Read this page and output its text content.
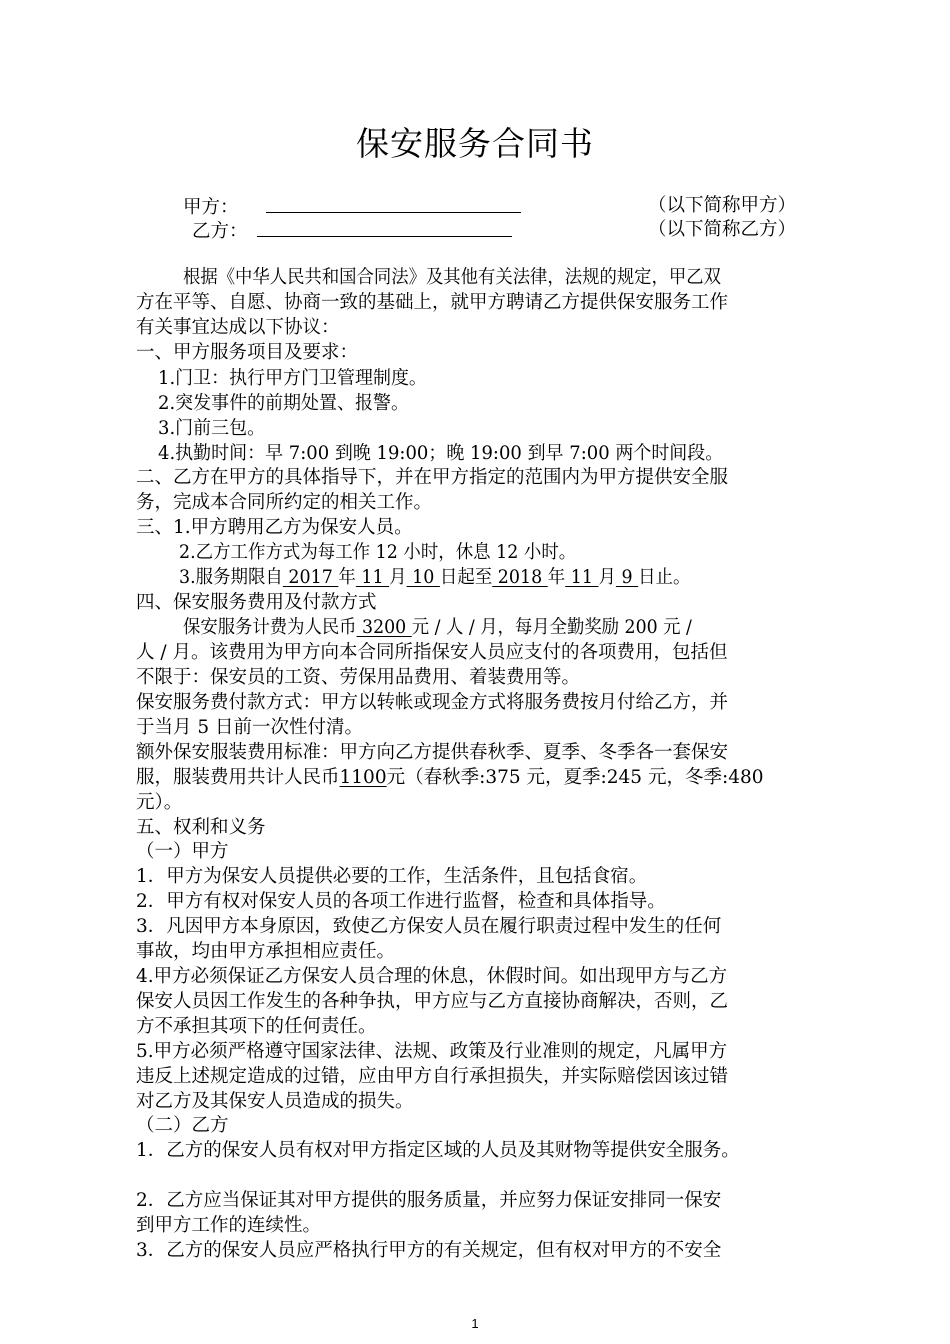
保安服务合同书
甲方：	（以下简称甲方）
乙方：	（以下简称乙方）
根据《中华人民共和国合同法》及其他有关法律，法规的规定，甲乙双
方在平等、自愿、协商一致的基础上，就甲方聘请乙方提供保安服务工作
有关事宜达成以下协议：
一、甲方服务项目及要求：
1.门卫：执行甲方门卫管理制度。
2.突发事件的前期处置、报警。
3.门前三包。
4.执勤时间：早 7:00 到晚 19:00；晚 19:00 到早 7:00 两个时间段。
二、乙方在甲方的具体指导下，并在甲方指定的范围内为甲方提供安全服
务，完成本合同所约定的相关工作。
三、1.甲方聘用乙方为保安人员。
2.乙方工作方式为每工作 12 小时，休息 12 小时。
3.服务期限自 2017 年 11 月 10 日起至 2018 年 11 月 9 日止。
四、保安服务费用及付款方式
保安服务计费为人民币 3200 元 / 人 / 月，每月全勤奖励 200 元 /
人 / 月。该费用为甲方向本合同所指保安人员应支付的各项费用，包括但
不限于：保安员的工资、劳保用品费用、着装费用等。
保安服务费付款方式：甲方以转帐或现金方式将服务费按月付给乙方，并
于当月 5 日前一次性付清。
额外保安服装费用标准：甲方向乙方提供春秋季、夏季、冬季各一套保安
服，服装费用共计人民币1100元（春秋季:375 元，夏季:245 元，冬季:480
元）。
五、权利和义务
（一）甲方
1．甲方为保安人员提供必要的工作，生活条件，且包括食宿。
2．甲方有权对保安人员的各项工作进行监督，检查和具体指导。
3．凡因甲方本身原因，致使乙方保安人员在履行职责过程中发生的任何
事故，均由甲方承担相应责任。
4.甲方必须保证乙方保安人员合理的休息，休假时间。如出现甲方与乙方
保安人员因工作发生的各种争执，甲方应与乙方直接协商解决，否则，乙
方不承担其项下的任何责任。
5.甲方必须严格遵守国家法律、法规、政策及行业准则的规定，凡属甲方
违反上述规定造成的过错，应由甲方自行承担损失，并实际赔偿因该过错
对乙方及其保安人员造成的损失。
（二）乙方
1．乙方的保安人员有权对甲方指定区域的人员及其财物等提供安全服务。
2．乙方应当保证其对甲方提供的服务质量，并应努力保证安排同一保安
到甲方工作的连续性。
3．乙方的保安人员应严格执行甲方的有关规定，但有权对甲方的不安全
1
